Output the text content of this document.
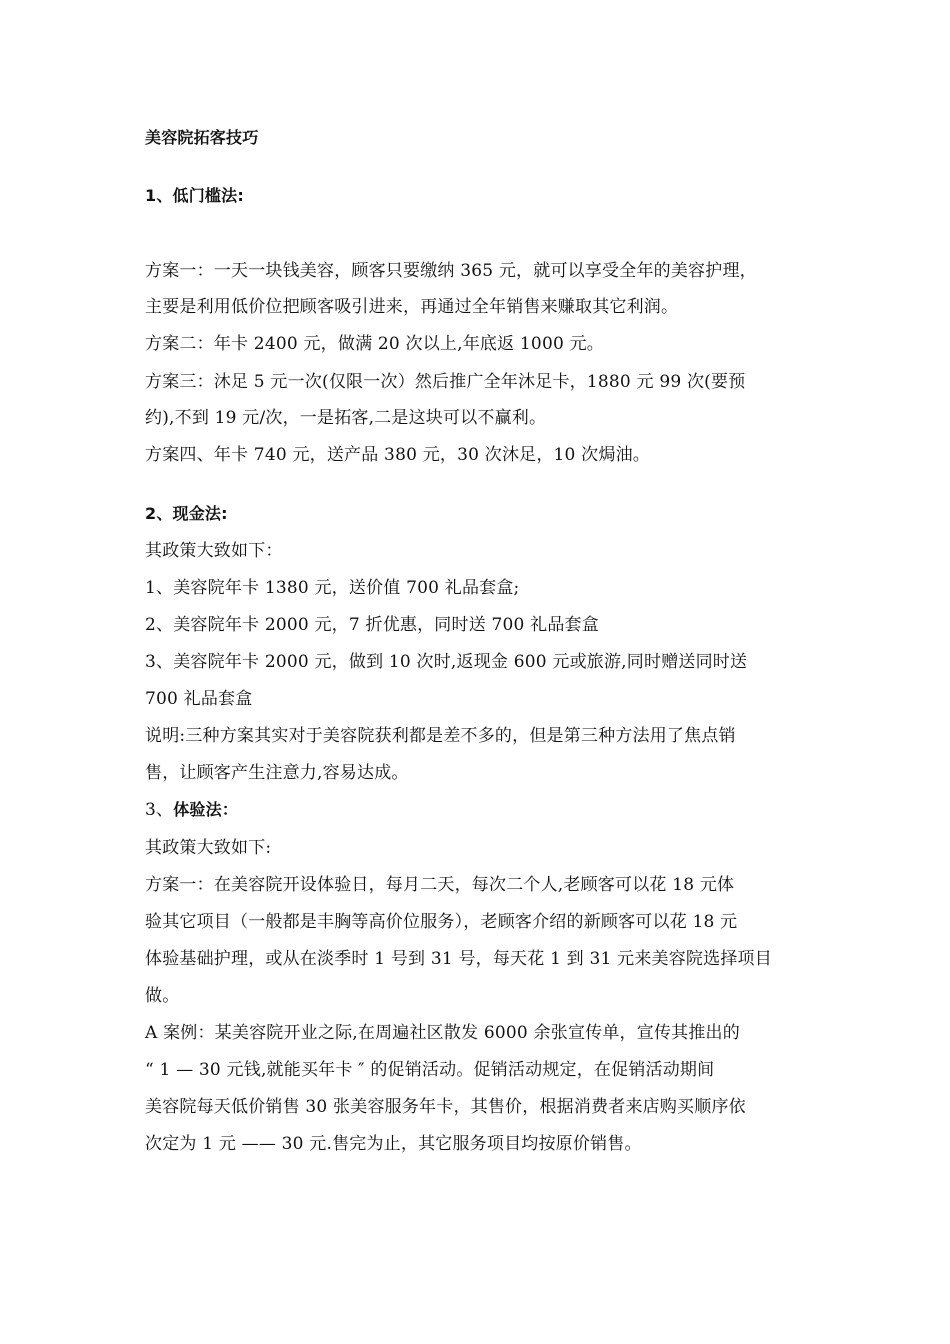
美容院拓客技巧
1、低门槛法:
方案一：一天一块钱美容，顾客只要缴纳 365 元，就可以享受全年的美容护理，
主要是利用低价位把顾客吸引进来，再通过全年销售来赚取其它利润。
方案二：年卡 2400 元，做满 20 次以上,年底返 1000 元。
方案三：沐足 5 元一次(仅限一次）然后推广全年沐足卡，1880 元 99 次(要预
约),不到 19 元/次，一是拓客,二是这块可以不赢利。
方案四、年卡 740 元，送产品 380 元，30 次沐足，10 次焗油。
2、现金法:
其政策大致如下：
1、美容院年卡 1380 元，送价值 700 礼品套盒;
2、美容院年卡 2000 元，7 折优惠，同时送 700 礼品套盒
3、美容院年卡 2000 元，做到 10 次时,返现金 600 元或旅游,同时赠送同时送
700 礼品套盒
说明:三种方案其实对于美容院获利都是差不多的，但是第三种方法用了焦点销
售，让顾客产生注意力,容易达成。
3、体验法：
其政策大致如下:
方案一：在美容院开设体验日，每月二天，每次二个人,老顾客可以花 18 元体
验其它项目（一般都是丰胸等高价位服务），老顾客介绍的新顾客可以花 18 元
体验基础护理，或从在淡季时 1 号到 31 号，每天花 1 到 31 元来美容院选择项目
做。
A 案例：某美容院开业之际,在周遍社区散发 6000 余张宣传单，宣传其推出的
“ 1 — 30 元钱,就能买年卡 ″ 的促销活动。促销活动规定，在促销活动期间
美容院每天低价销售 30 张美容服务年卡，其售价，根据消费者来店购买顺序依
次定为 1 元 —— 30 元.售完为止，其它服务项目均按原价销售。
